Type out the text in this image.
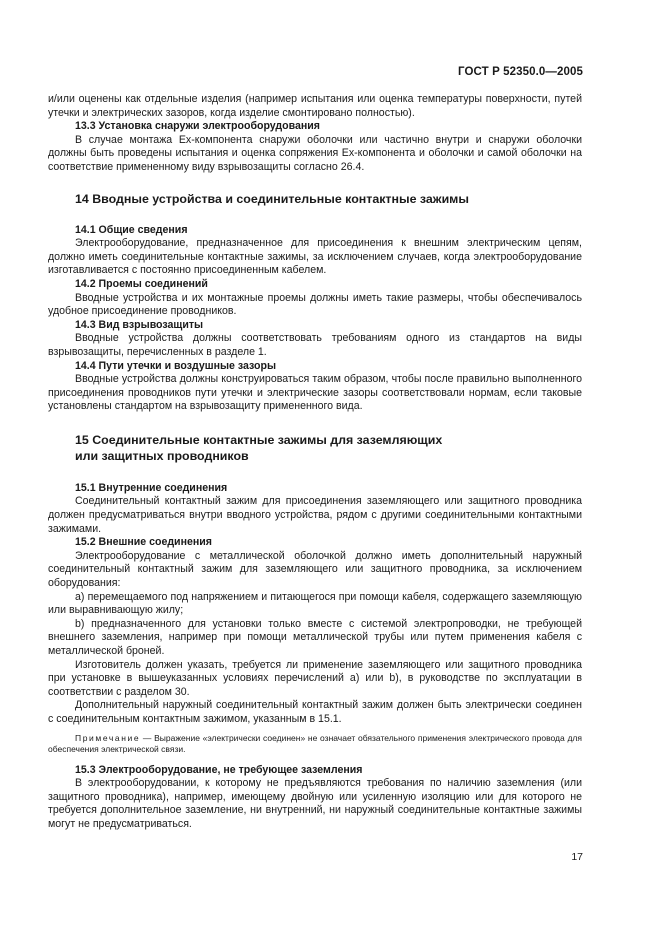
ГОСТ Р 52350.0—2005

и/или оценены как отдельные изделия (например испытания или оценка температуры поверхности, путей утечки и электрических зазоров, когда изделие смонтировано полностью).

13.3 Установка снаружи электрооборудования

В случае монтажа Ex-компонента снаружи оболочки или частично внутри и снаружи оболочки должны быть проведены испытания и оценка сопряжения Ex-компонента и оболочки и самой оболочки на соответствие примененному виду взрывозащиты согласно 26.4.

14 Вводные устройства и соединительные контактные зажимы
14.1 Общие сведения

Электрооборудование, предназначенное для присоединения к внешним электрическим цепям, должно иметь соединительные контактные зажимы, за исключением случаев, когда электрооборудование изготавливается с постоянно присоединенным кабелем.

14.2 Проемы соединений

Вводные устройства и их монтажные проемы должны иметь такие размеры, чтобы обеспечивалось удобное присоединение проводников.

14.3 Вид взрывозащиты

Вводные устройства должны соответствовать требованиям одного из стандартов на виды взрывозащиты, перечисленных в разделе 1.

14.4 Пути утечки и воздушные зазоры

Вводные устройства должны конструироваться таким образом, чтобы после правильно выполненного присоединения проводников пути утечки и электрические зазоры соответствовали нормам, если таковые установлены стандартом на взрывозащиту примененного вида.

15 Соединительные контактные зажимы для заземляющих
или защитных проводников
15.1 Внутренние соединения

Соединительный контактный зажим для присоединения заземляющего или защитного проводника должен предусматриваться внутри вводного устройства, рядом с другими соединительными контактными зажимами.

15.2 Внешние соединения

Электрооборудование с металлической оболочкой должно иметь дополнительный наружный соединительный контактный зажим для заземляющего или защитного проводника, за исключением оборудования:

a) перемещаемого под напряжением и питающегося при помощи кабеля, содержащего заземляющую или выравнивающую жилу;

b) предназначенного для установки только вместе с системой электропроводки, не требующей внешнего заземления, например при помощи металлической трубы или путем применения кабеля с металлической броней.

Изготовитель должен указать, требуется ли применение заземляющего или защитного проводника при установке в вышеуказанных условиях перечислений a) или b), в руководстве по эксплуатации в соответствии с разделом 30.

Дополнительный наружный соединительный контактный зажим должен быть электрически соединен с соединительным контактным зажимом, указанным в 15.1.

Примечание — Выражение «электрически соединен» не означает обязательного применения электрического провода для обеспечения электрической связи.

15.3 Электрооборудование, не требующее заземления

В электрооборудовании, к которому не предъявляются требования по наличию заземления (или защитного проводника), например, имеющему двойную или усиленную изоляцию или для которого не требуется дополнительное заземление, ни внутренний, ни наружный соединительные контактные зажимы могут не предусматриваться.

17
